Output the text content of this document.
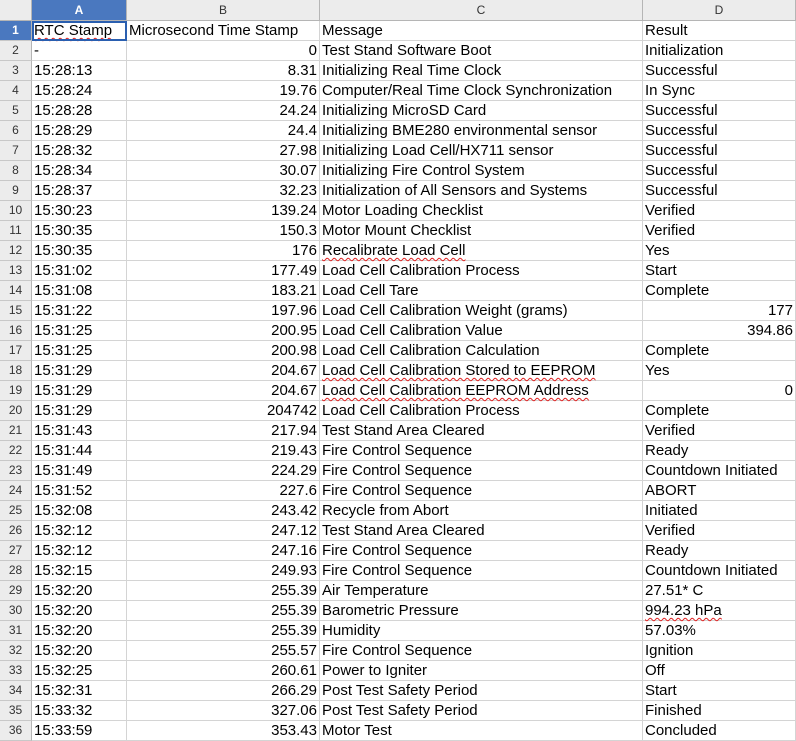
A	B	C	D
1	RTC Stamp	Microsecond Time Stamp	Message	Result
2	-	0 Test Stand Software Boot	Initialization
3	15:28:13	8.31 Initializing Real Time Clock	Successful
4	15:28:24	19.76 Computer/Real Time Clock Synchronization	In Sync
5	15:28:28	24.24 Initializing MicroSD Card	Successful
6	15:28:29	24.4 Initializing BME280 environmental sensor	Successful
7	15:28:32	27.98 Initializing Load Cell/HX711 sensor	Successful
8	15:28:34	30.07 Initializing Fire Control System	Successful
9	15:28:37	32.23 Initialization of All Sensors and Systems	Successful
10 15:30:23	139.24 Motor Loading Checklist	Verified
11 15:30:35	150.3 Motor Mount Checklist	Verified
12 15:30:35	176 Recalibrate Load Cell	Yes
13 15:31:02	177.49 Load Cell Calibration Process	Start
14 15:31:08	183.21 Load Cell Tare	Complete
15 15:31:22	197.96 Load Cell Calibration Weight (grams)	177
16 15:31:25	200.95 Load Cell Calibration Value	394.86
17 15:31:25	200.98 Load Cell Calibration Calculation	Complete
18 15:31:29	204.67 Load Cell Calibration Stored to EEPROM	Yes
19 15:31:29	204.67 Load Cell Calibration EEPROM Address	0
20 15:31:29	204742 Load Cell Calibration Process	Complete
21 15:31:43	217.94 Test Stand Area Cleared	Verified
22 15:31:44	219.43 Fire Control Sequence	Ready
23 15:31:49	224.29 Fire Control Sequence	Countdown Initiated
24 15:31:52	227.6 Fire Control Sequence	ABORT
25 15:32:08	243.42 Recycle from Abort	Initiated
26 15:32:12	247.12 Test Stand Area Cleared	Verified
27 15:32:12	247.16 Fire Control Sequence	Ready
28 15:32:15	249.93 Fire Control Sequence	Countdown Initiated
29 15:32:20	255.39 Air Temperature	27.51* C
30 15:32:20	255.39 Barometric Pressure	994.23 hPa
31 15:32:20	255.39 Humidity	57.03%
32 15:32:20	255.57 Fire Control Sequence	Ignition
33 15:32:25	260.61 Power to Igniter	Off
34 15:32:31	266.29 Post Test Safety Period	Start
35 15:33:32	327.06 Post Test Safety Period	Finished
36 15:33:59	353.43 Motor Test	Concluded
